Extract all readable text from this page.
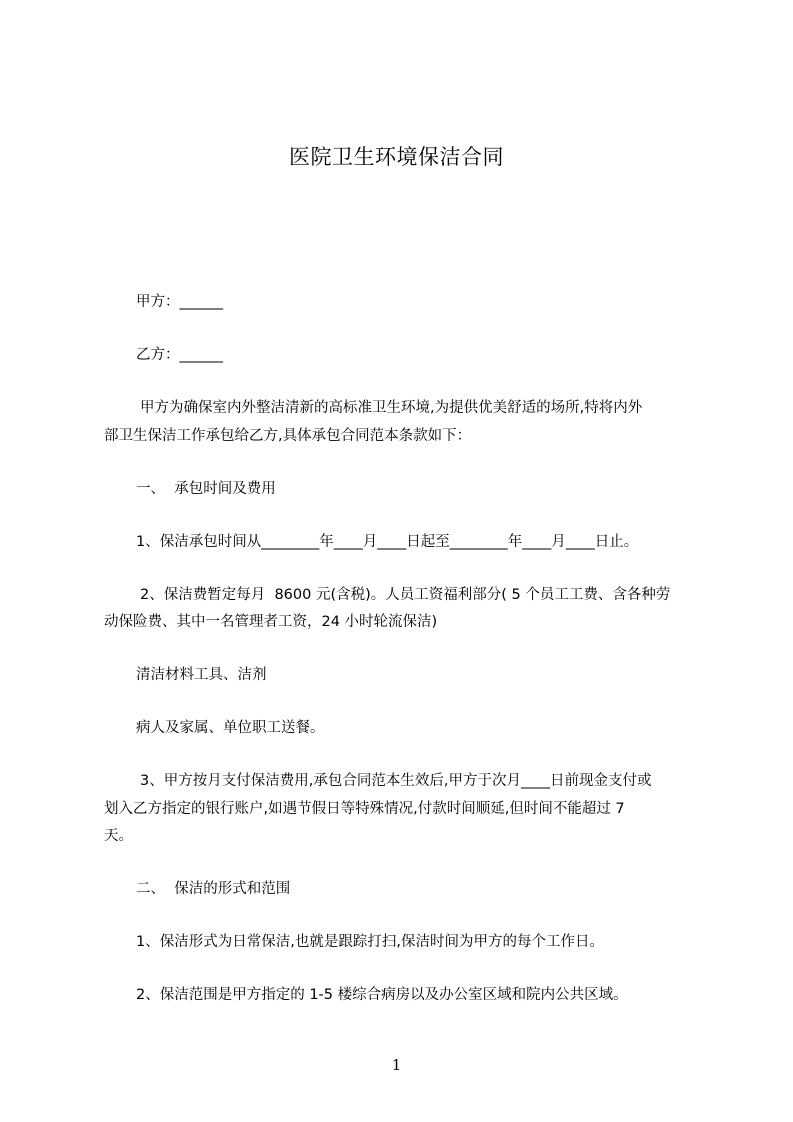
医院卫生环境保洁合同
甲方：______
乙方：______
甲方为确保室内外整洁清新的高标准卫生环境,为提供优美舒适的场所,特将内外
部卫生保洁工作承包给乙方,具体承包合同范本条款如下：
一、  承包时间及费用
1、保洁承包时间从________年____月____日起至________年____月____日止。
2、保洁费暂定每月  8600 元(含税)。人员工资福利部分( 5 个员工工费、含各种劳
动保险费、其中一名管理者工资，24 小时轮流保洁)
清洁材料工具、洁剂
病人及家属、单位职工送餐。
3、甲方按月支付保洁费用,承包合同范本生效后,甲方于次月____日前现金支付或
划入乙方指定的银行账户,如遇节假日等特殊情况,付款时间顺延,但时间不能超过 7
天。
二、  保洁的形式和范围
1、保洁形式为日常保洁,也就是跟踪打扫,保洁时间为甲方的每个工作日。
2、保洁范围是甲方指定的 1-5 楼综合病房以及办公室区域和院内公共区域。
1
